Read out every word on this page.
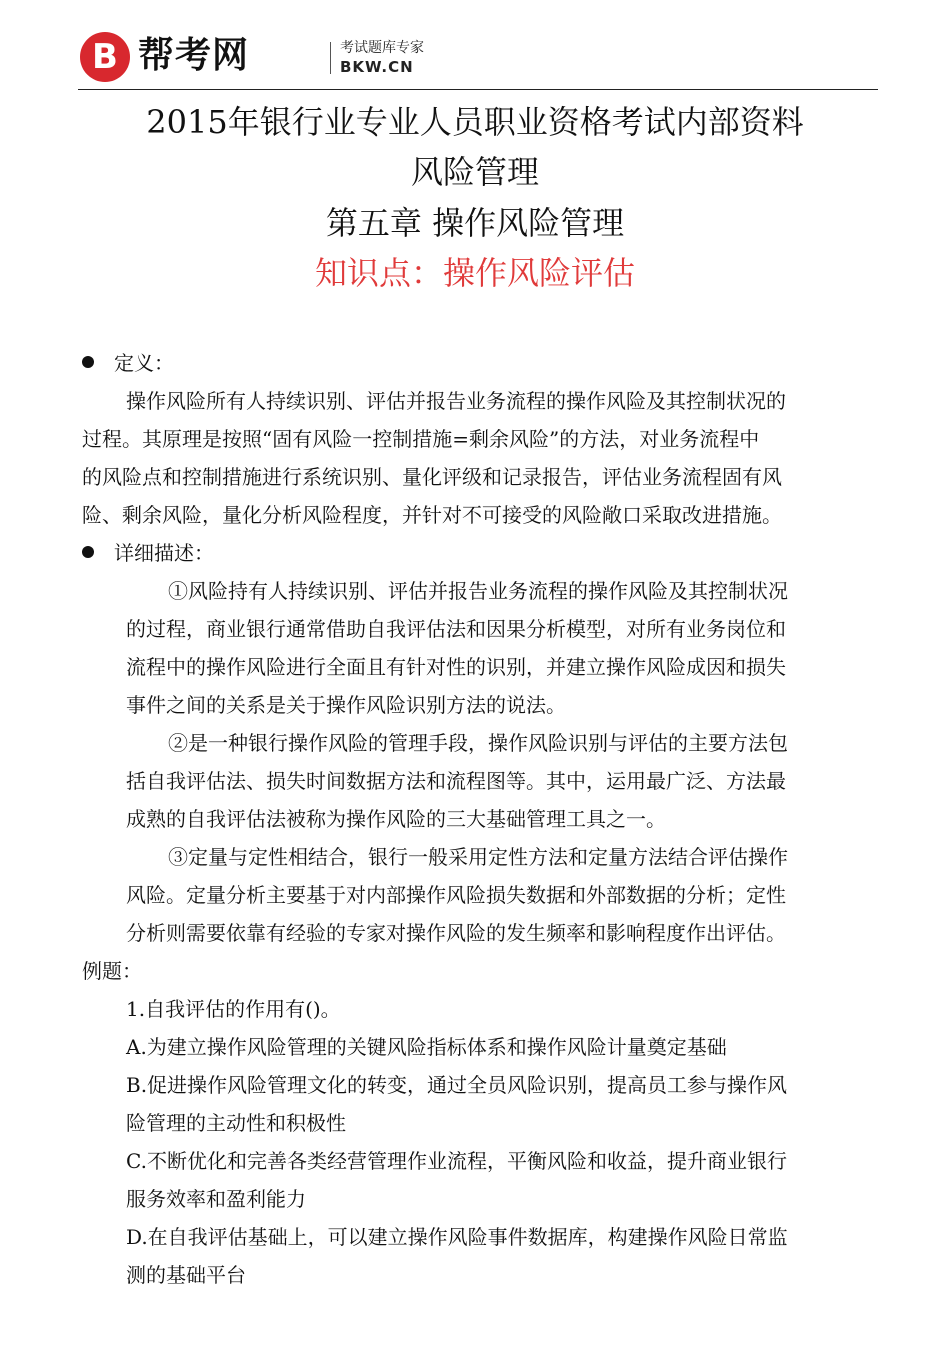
B 帮考网	考试题库专家
BKW.CN
2015年银行业专业人员职业资格考试内部资料
风险管理
第五章 操作风险管理
知识点：操作风险评估
定义：
操作风险所有人持续识别、评估并报告业务流程的操作风险及其控制状况的
过程。其原理是按照“固有风险一控制措施=剩余风险”的方法，对业务流程中
的风险点和控制措施进行系统识别、量化评级和记录报告，评估业务流程固有风
险、剩余风险，量化分析风险程度，并针对不可接受的风险敞口采取改进措施。
详细描述：
①风险持有人持续识别、评估并报告业务流程的操作风险及其控制状况
的过程，商业银行通常借助自我评估法和因果分析模型，对所有业务岗位和
流程中的操作风险进行全面且有针对性的识别，并建立操作风险成因和损失
事件之间的关系是关于操作风险识别方法的说法。
②是一种银行操作风险的管理手段，操作风险识别与评估的主要方法包
括自我评估法、损失时间数据方法和流程图等。其中，运用最广泛、方法最
成熟的自我评估法被称为操作风险的三大基础管理工具之一。
③定量与定性相结合，银行一般采用定性方法和定量方法结合评估操作
风险。定量分析主要基于对内部操作风险损失数据和外部数据的分析；定性
分析则需要依靠有经验的专家对操作风险的发生频率和影响程度作出评估。
例题：
1.自我评估的作用有()。
A.为建立操作风险管理的关键风险指标体系和操作风险计量奠定基础
B.促进操作风险管理文化的转变，通过全员风险识别，提高员工参与操作风
险管理的主动性和积极性
C.不断优化和完善各类经营管理作业流程，平衡风险和收益，提升商业银行
服务效率和盈利能力
D.在自我评估基础上，可以建立操作风险事件数据库，构建操作风险日常监
测的基础平台
